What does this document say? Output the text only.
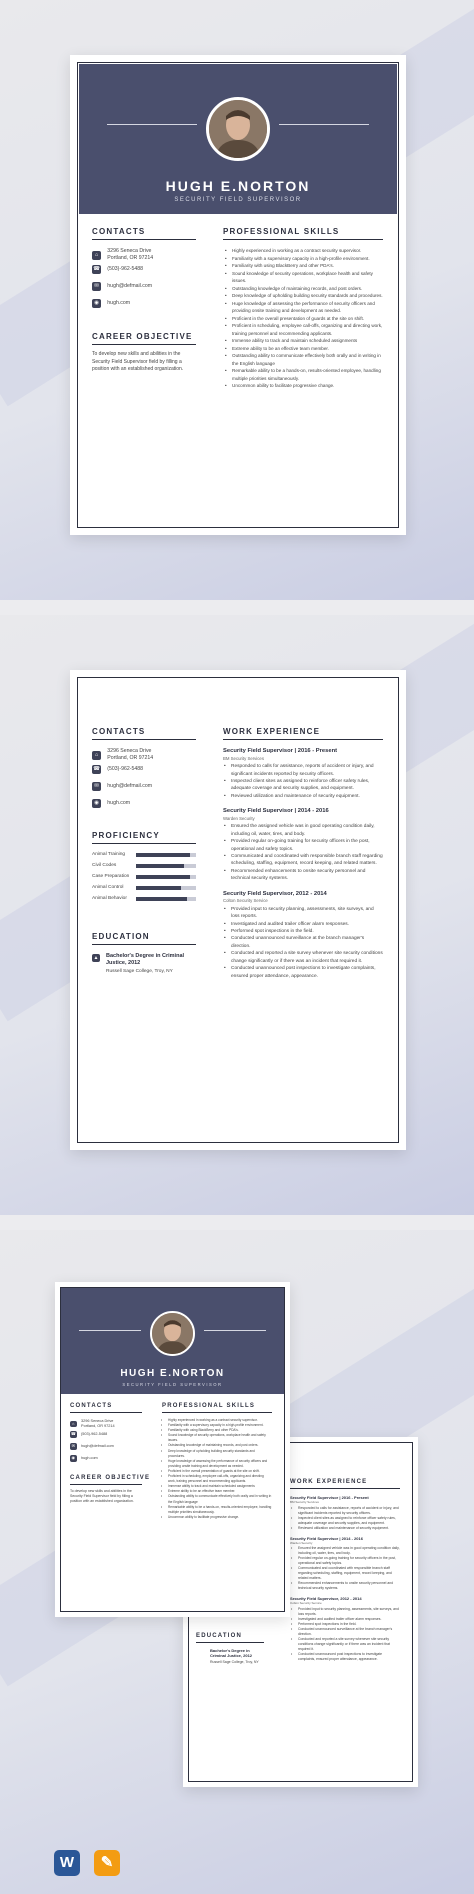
HUGH E.NORTON
SECURITY FIELD SUPERVISOR
CONTACTS
⌂
3296 Seneca Drive
Portland, OR 97214
☎ (503)-962-5488
✉	hugh@defmail.com
◉	hugh.com
CAREER OBJECTIVE
To develop new skills and abilities in the Security Field Supervisor field by filling a position with an established organization.
PROFESSIONAL SKILLS
• Highly experienced in working as a contract security supervisor.
• Familiarity with a supervisory capacity in a high-profile environment.
• Familiarity with using BlackBerry and other PDA's.
• Sound knowledge of security operations, workplace health and safety issues.
• Outstanding knowledge of maintaining records, and post orders.
• Deep knowledge of upholding building security standards and procedures.
• Huge knowledge of assessing the performance of security officers and providing onsite training and development as needed.
• Proficient in the overall presentation of guards at the site on shift.
• Proficient in scheduling, employee call-offs, organizing and directing work, training personnel and recommending applicants.
• Immense ability to track and maintain scheduled assignments
• Extreme ability to be an effective team member.
• Outstanding ability to communicate effectively both orally and in writing in the English language
• Remarkable ability to be a hands-on, results-oriented employee, handling multiple priorities simultaneously.
• Uncommon ability to facilitate progressive change.
CONTACTS
⌂
3296 Seneca Drive
Portland, OR 97214
☎ (503)-962-5488
✉	hugh@defmail.com
◉	hugh.com
PROFICIENCY
Animal Training
Civil Codes
Case Preparation
Animal Control
Animal Behavior
EDUCATION
▲ Bachelor's Degree in Criminal Justice, 2012
Russell Sage College, Troy, NY
WORK EXPERIENCE
Security Field Supervisor | 2016 - Present
BM Security Services
• Responded to calls for assistance, reports of accident or injury, and significant incidents reported by security officers.
• Inspected client sites as assigned to reinforce officer safety rules, adequate coverage and security supplies, and equipment.
• Reviewed utilization and maintenance of security equipment.
Security Field Supervisor | 2014 - 2016
Warden Security
• Ensured the assigned vehicle was in good operating condition daily, including oil, water, tires, and body.
• Provided regular on-going training for security officers in the post, operational and safety topics.
• Communicated and coordinated with responsible branch staff regarding scheduling, staffing, equipment, record keeping, and related matters.
• Recommended enhancements to onsite security personnel and technical security systems.
Security Field Supervisor, 2012 - 2014
Colton Security Service
• Provided input to security planning, assessments, site surveys, and loss reports.
• Investigated and audited trailer officer alarm responses.
• Performed spot inspections in the field.
• Conducted unannounced surveillance at the branch manager's direction.
• Conducted and reported a site survey whenever site security conditions change significantly or if there was an incident that required it.
• Conducted unannounced post inspections to investigate complaints, ensured proper attendance, appearance.
WORK EXPERIENCE
Security Field Supervisor | 2016 - Present
BM Security Services
• Responded to calls for assistance, reports of accident or injury, and significant incidents reported by security officers.
• Inspected client sites as assigned to reinforce officer safety rules, adequate coverage and security supplies, and equipment.
• Reviewed utilization and maintenance of security equipment.
Security Field Supervisor | 2014 - 2016
Warden Security
• Ensured the assigned vehicle was in good operating condition daily, including oil, water, tires, and body.
• Provided regular on-going training for security officers in the post, operational and safety topics.
• Communicated and coordinated with responsible branch staff regarding scheduling, staffing, equipment, record keeping, and related matters.
• Recommended enhancements to onsite security personnel and technical security systems.
Security Field Supervisor, 2012 - 2014
Colton Security Service
• Provided input to security planning, assessments, site surveys, and loss reports.
• Investigated and audited trailer officer alarm responses.
• Performed spot inspections in the field.
• Conducted unannounced surveillance at the branch manager's direction.
• Conducted and reported a site survey whenever site security conditions change significantly or if there was an incident that required it.
• Conducted unannounced post inspections to investigate complaints, ensured proper attendance, appearance.
EDUCATION
Bachelor's Degree in Criminal Justice, 2012
Russell Sage College, Troy, NY
HUGH E.NORTON
SECURITY FIELD SUPERVISOR
CONTACTS
⌂	3296 Seneca Drive
Portland, OR 97214
☎ (503)-962-5488
✉	hugh@defmail.com
◉	hugh.com
CAREER OBJECTIVE
To develop new skills and abilities in the Security Field Supervisor field by filling a position with an established organization.
PROFESSIONAL SKILLS
• Highly experienced in working as a contract security supervisor.
• Familiarity with a supervisory capacity in a high-profile environment.
• Familiarity with using BlackBerry and other PDA's.
• Sound knowledge of security operations, workplace health and safety issues.
• Outstanding knowledge of maintaining records, and post orders.
• Deep knowledge of upholding building security standards and procedures.
• Huge knowledge of assessing the performance of security officers and providing onsite training and development as needed.
• Proficient in the overall presentation of guards at the site on shift.
• Proficient in scheduling, employee call-offs, organizing and directing work, training personnel and recommending applicants.
• Immense ability to track and maintain scheduled assignments
• Extreme ability to be an effective team member.
• Outstanding ability to communicate effectively both orally and in writing in the English language
• Remarkable ability to be a hands-on, results-oriented employee, handling multiple priorities simultaneously.
• Uncommon ability to facilitate progressive change.
W	✎
